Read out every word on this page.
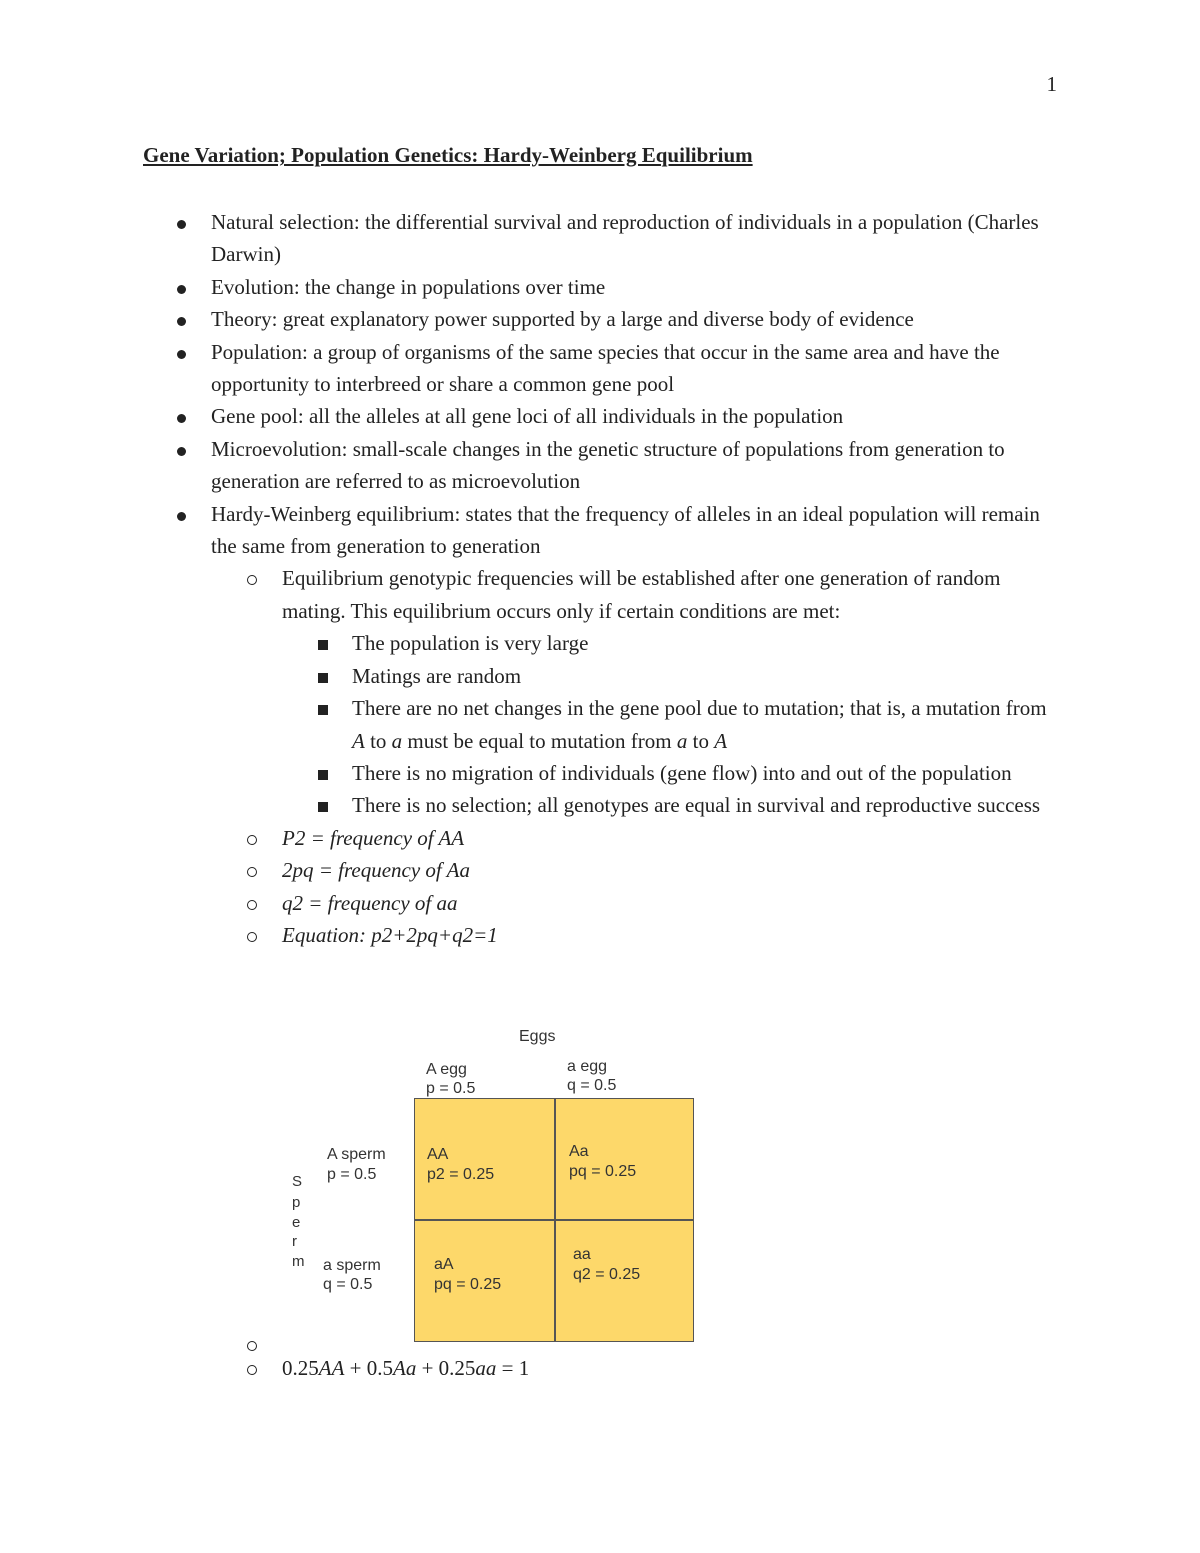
1
Gene Variation; Population Genetics: Hardy-Weinberg Equilibrium
Natural selection: the differential survival and reproduction of individuals in a population (Charles Darwin)
Evolution: the change in populations over time
Theory: great explanatory power supported by a large and diverse body of evidence
Population: a group of organisms of the same species that occur in the same area and have the opportunity to interbreed or share a common gene pool
Gene pool: all the alleles at all gene loci of all individuals in the population
Microevolution: small-scale changes in the genetic structure of populations from generation to generation are referred to as microevolution
Hardy-Weinberg equilibrium: states that the frequency of alleles in an ideal population will remain the same from generation to generation
Equilibrium genotypic frequencies will be established after one generation of random mating. This equilibrium occurs only if certain conditions are met:
The population is very large
Matings are random
There are no net changes in the gene pool due to mutation; that is, a mutation from A to a must be equal to mutation from a to A
There is no migration of individuals (gene flow) into and out of the population
There is no selection; all genotypes are equal in survival and reproductive success
P2 = frequency of AA
2pq = frequency of Aa
q2 = frequency of aa
Equation: p2+2pq+q2=1
Eggs
A egg
p = 0.5
a egg
q = 0.5
A sperm
p = 0.5
a sperm
q = 0.5
S
p
e
r
m
AA
p2 = 0.25
Aa
pq = 0.25
aA
pq = 0.25
aa
q2 = 0.25
0.25AA + 0.5Aa + 0.25aa = 1
